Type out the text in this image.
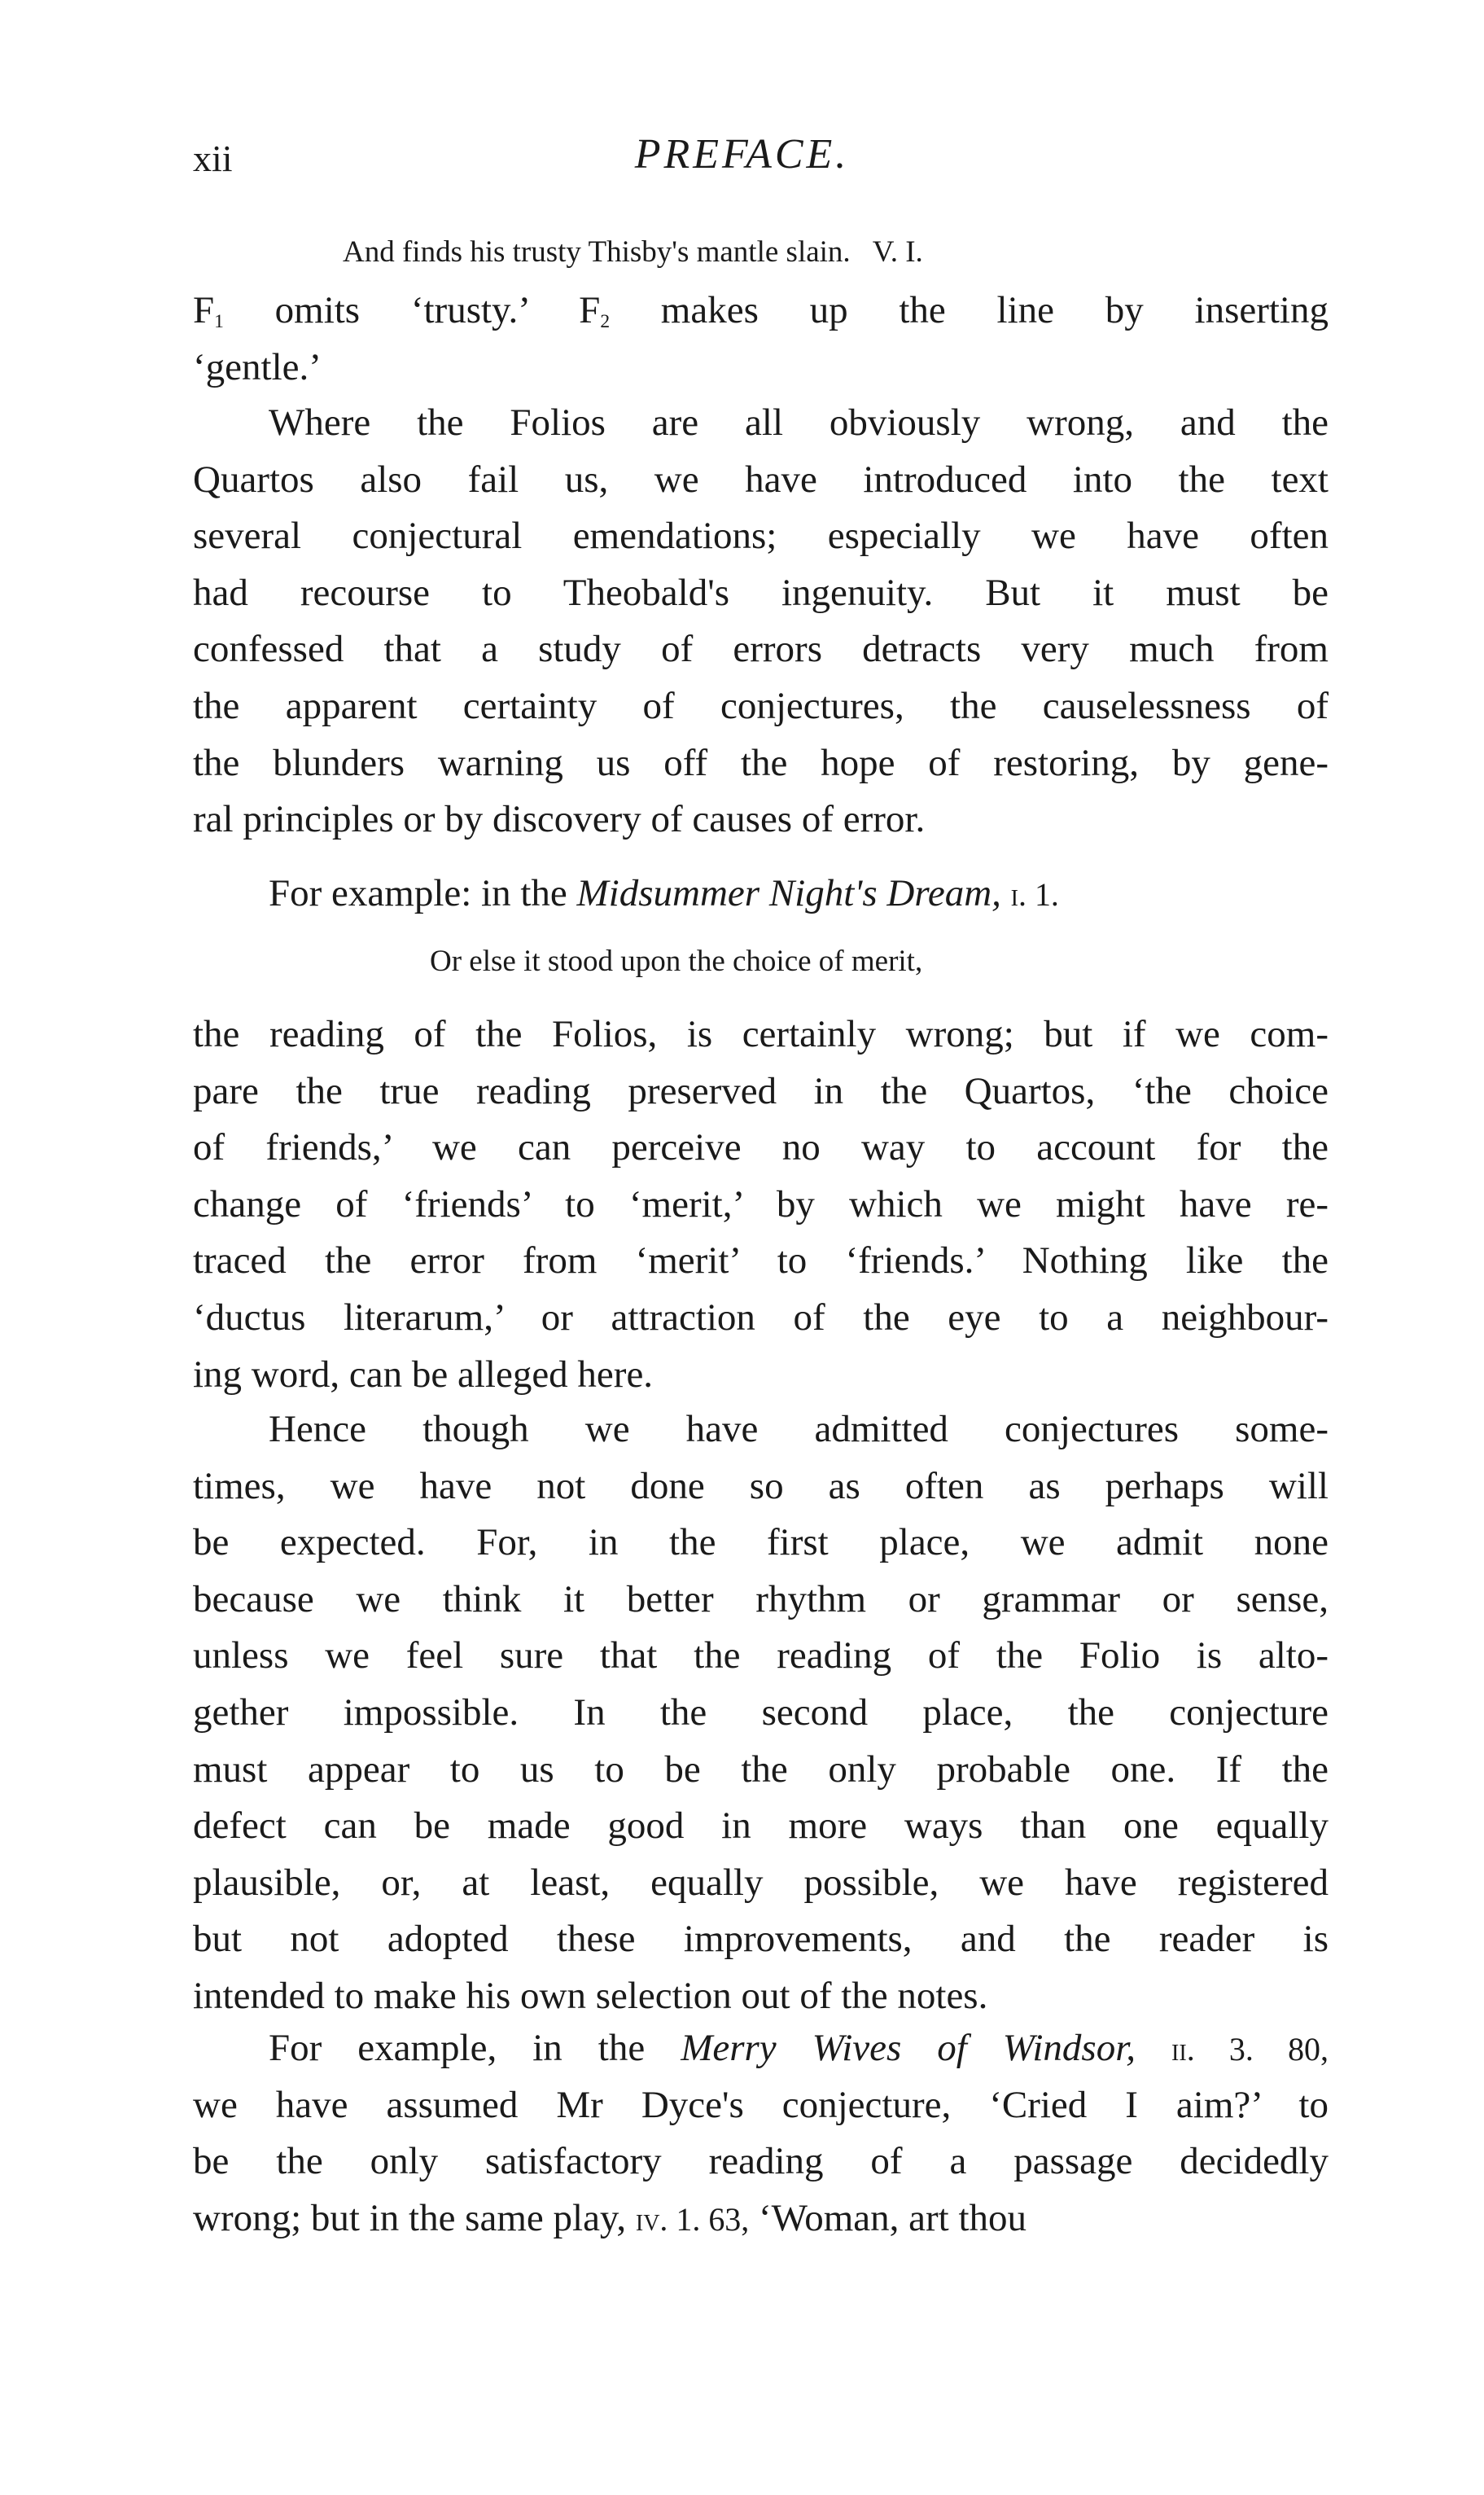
xii	PREFACE.
And finds his trusty Thisby's mantle slain. V. I.
$F_1$ omits ‘trusty.’ $F_2$ makes up the line by inserting
‘gentle.’
Where the Folios are all obviously wrong, and the
Quartos also fail us, we have introduced into the text
several conjectural emendations; especially we have often
had recourse to Theobald's ingenuity. But it must be
confessed that a study of errors detracts very much from
the apparent certainty of conjectures, the causelessness of
the blunders warning us off the hope of restoring, by gene-
ral principles or by discovery of causes of error.
For example: in the Midsummer Night's Dream, i. 1.
Or else it stood upon the choice of merit,
the reading of the Folios, is certainly wrong; but if we com-
pare the true reading preserved in the Quartos, ‘the choice
of friends,’ we can perceive no way to account for the
change of ‘friends’ to ‘merit,’ by which we might have re-
traced the error from ‘merit’ to ‘friends.’ Nothing like the
‘ductus literarum,’ or attraction of the eye to a neighbour-
ing word, can be alleged here.
Hence though we have admitted conjectures some-
times, we have not done so as often as perhaps will
be expected. For, in the first place, we admit none
because we think it better rhythm or grammar or sense,
unless we feel sure that the reading of the Folio is alto-
gether impossible. In the second place, the conjecture
must appear to us to be the only probable one. If the
defect can be made good in more ways than one equally
plausible, or, at least, equally possible, we have registered
but not adopted these improvements, and the reader is
intended to make his own selection out of the notes.
For example, in the Merry Wives of Windsor, ii. 3. 80,
we have assumed Mr Dyce's conjecture, ‘Cried I aim?’ to
be the only satisfactory reading of a passage decidedly
wrong; but in the same play, iv. 1. 63, ‘Woman, art thou
